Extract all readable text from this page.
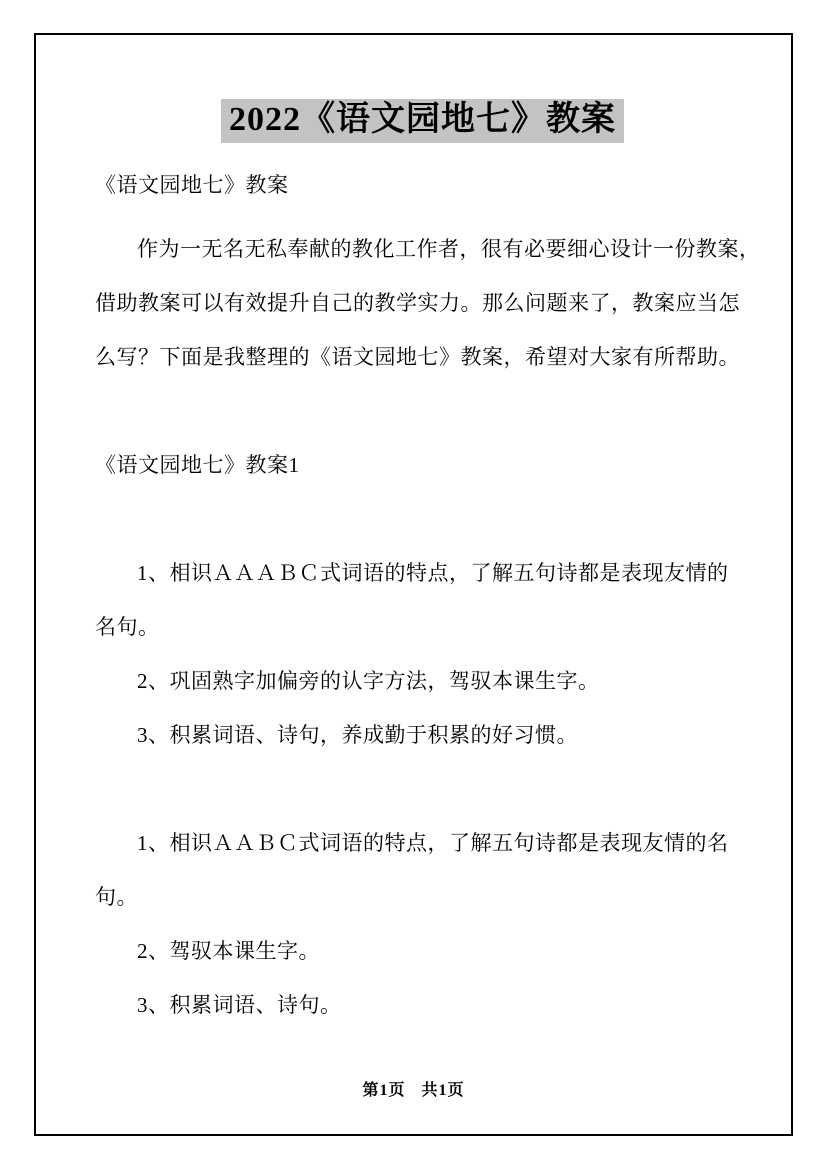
2022《语文园地七》教案
《语文园地七》教案
作为一无名无私奉献的教化工作者，很有必要细心设计一份教案，
借助教案可以有效提升自己的教学实力。那么问题来了，教案应当怎
么写？下面是我整理的《语文园地七》教案，希望对大家有所帮助。
《语文园地七》教案1
1、相识ＡＡＡＢＣ式词语的特点，了解五句诗都是表现友情的
名句。
2、巩固熟字加偏旁的认字方法，驾驭本课生字。
3、积累词语、诗句，养成勤于积累的好习惯。
1、相识ＡＡＢＣ式词语的特点，了解五句诗都是表现友情的名
句。
2、驾驭本课生字。
3、积累词语、诗句。
第1页 共1页
